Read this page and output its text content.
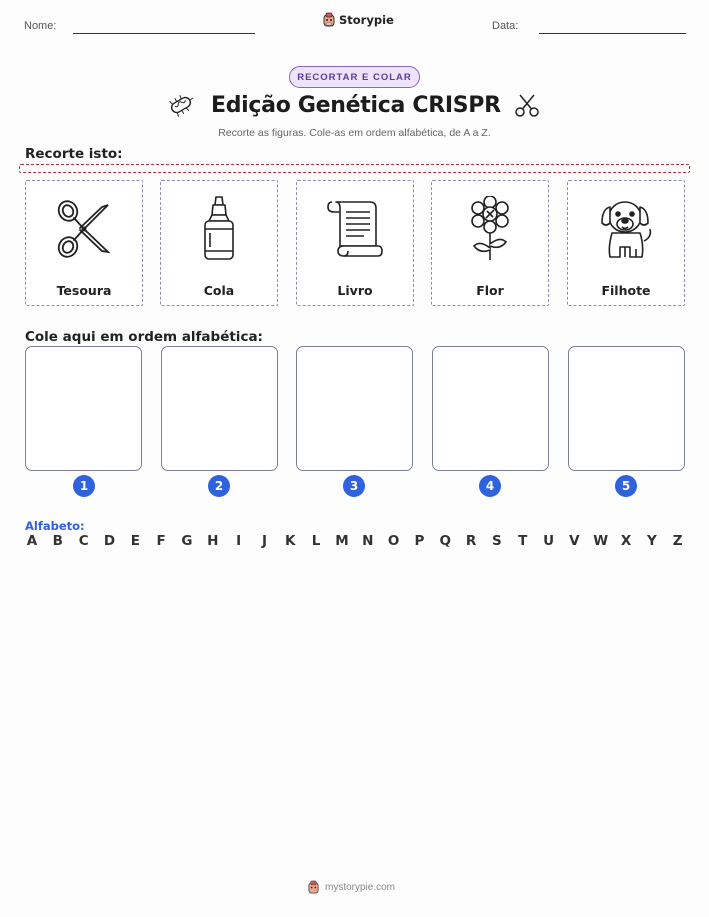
Nome:	Storypie	Data:
RECORTAR E COLAR
Edição Genética CRISPR
Recorte as figuras. Cole-as em ordem alfabética, de A a Z.
Recorte isto:
Tesoura	Cola	Livro	Flor	Filhote
Cole aqui em ordem alfabética:
1	2	3	4	5
Alfabeto:
A B C D E F G H	I	J	K L M N O P Q R S T U V W X Y Z
mystorypie.com
